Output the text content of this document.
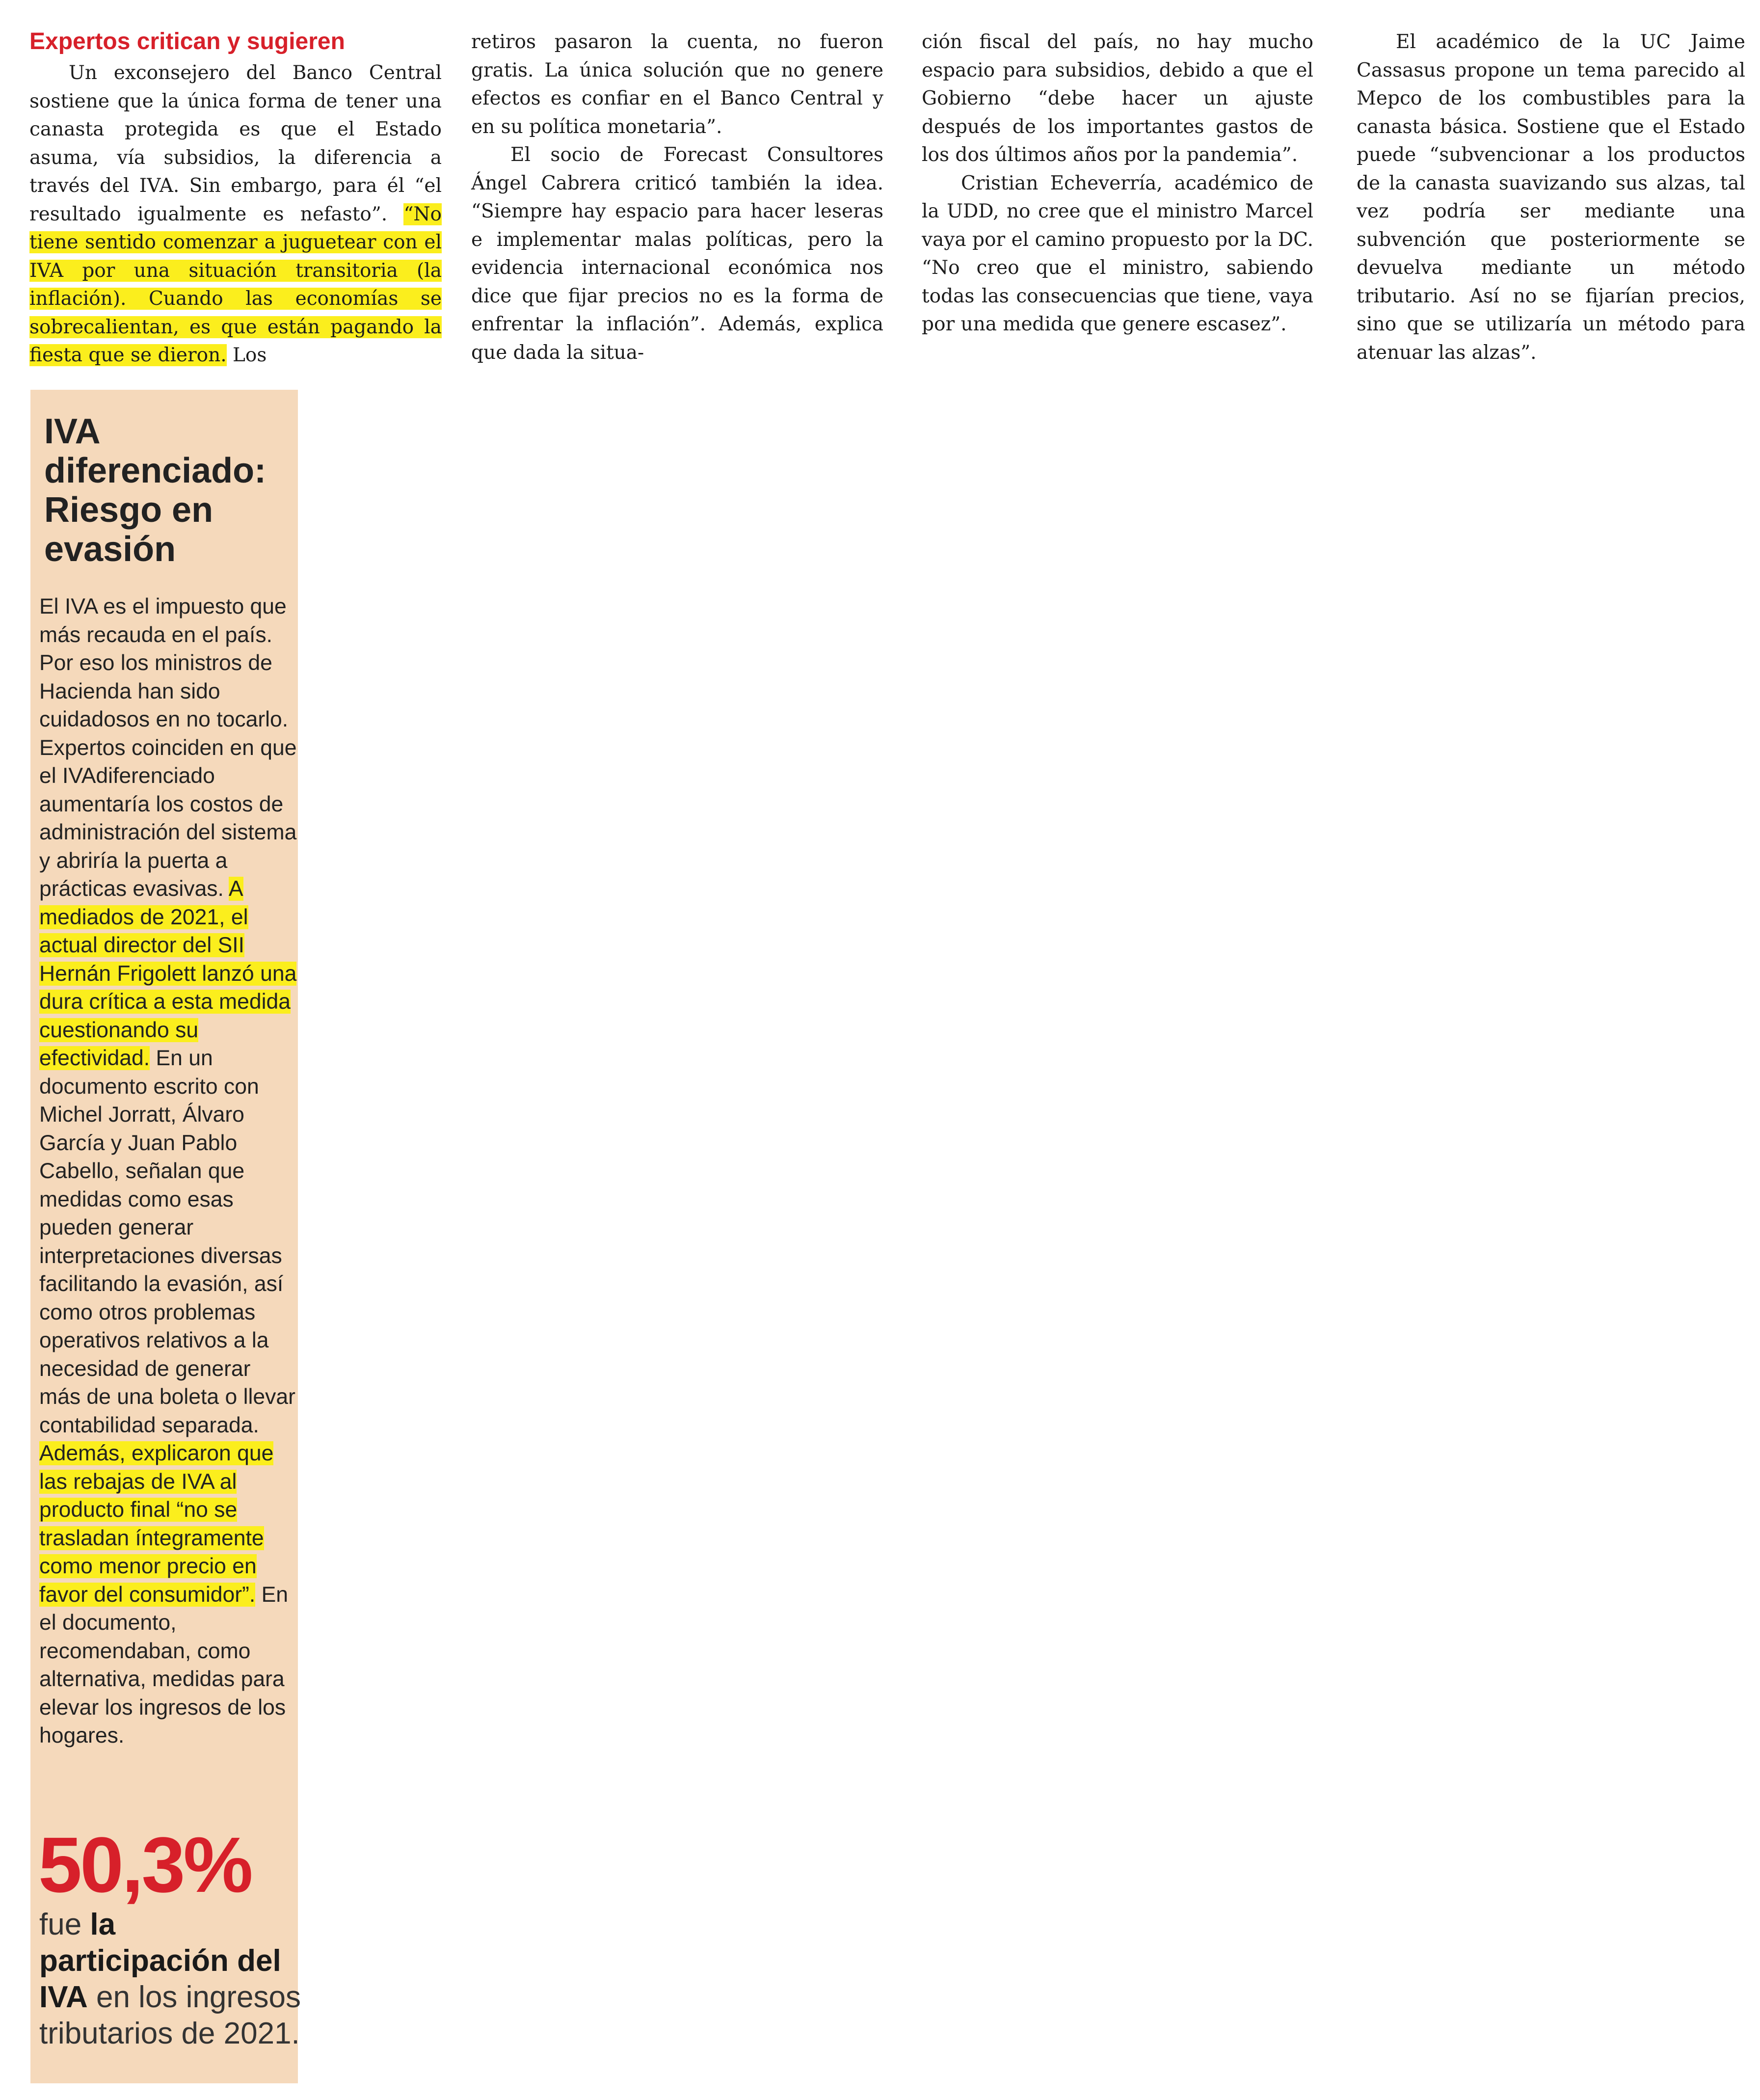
Expertos critican y sugieren

Un exconsejero del Banco Central sostiene que la única forma de tener una canasta protegida es que el Estado asuma, vía subsidios, la diferencia a través del IVA. Sin embargo, para él “el resultado igualmente es nefasto”. “No tiene sentido comenzar a juguetear con el IVA por una situación transitoria (la inflación). Cuando las economías se sobrecalientan, es que están pagando la fiesta que se dieron. Los

retiros pasaron la cuenta, no fueron gratis. La única solución que no genere efectos es confiar en el Banco Central y en su política monetaria”.

El socio de Forecast Consultores Ángel Cabrera criticó también la idea. “Siempre hay espacio para hacer leseras e implementar malas políticas, pero la evidencia internacional económica nos dice que fijar precios no es la forma de enfrentar la inflación”. Además, explica que dada la situa-

ción fiscal del país, no hay mucho espacio para subsidios, debido a que el Gobierno “debe hacer un ajuste después de los importantes gastos de los dos últimos años por la pandemia”.

Cristian Echeverría, académico de la UDD, no cree que el ministro Marcel vaya por el camino propuesto por la DC. “No creo que el ministro, sabiendo todas las consecuencias que tiene, vaya por una medida que genere escasez”.

El académico de la UC Jaime Cassasus propone un tema parecido al Mepco de los combustibles para la canasta básica. Sostiene que el Estado puede “subvencionar a los productos de la canasta suavizando sus alzas, tal vez podría ser mediante una subvención que posteriormente se devuelva mediante un método tributario. Así no se fijarían precios, sino que se utilizaría un método para atenuar las alzas”.

IVA diferenciado: Riesgo en evasión

El IVA es el impuesto que más recauda en el país. Por eso los ministros de Hacienda han sido cuidadosos en no tocarlo. Expertos coinciden en que el IVAdiferenciado aumentaría los costos de administración del sistema y abriría la puerta a prácticas evasivas. A mediados de 2021, el actual director del SII Hernán Frigolett lanzó una dura crítica a esta medida cuestionando su efectividad. En un documento escrito con Michel Jorratt, Álvaro García y Juan Pablo Cabello, señalan que medidas como esas pueden generar interpretaciones diversas facilitando la evasión, así como otros problemas operativos relativos a la necesidad de generar más de una boleta o llevar contabilidad separada. Además, explicaron que las rebajas de IVA al producto final “no se trasladan íntegramente como menor precio en favor del consumidor”. En el documento, recomendaban, como alternativa, medidas para elevar los ingresos de los hogares.

50,3%

fue la participación del IVA en los ingresos tributarios de 2021.
